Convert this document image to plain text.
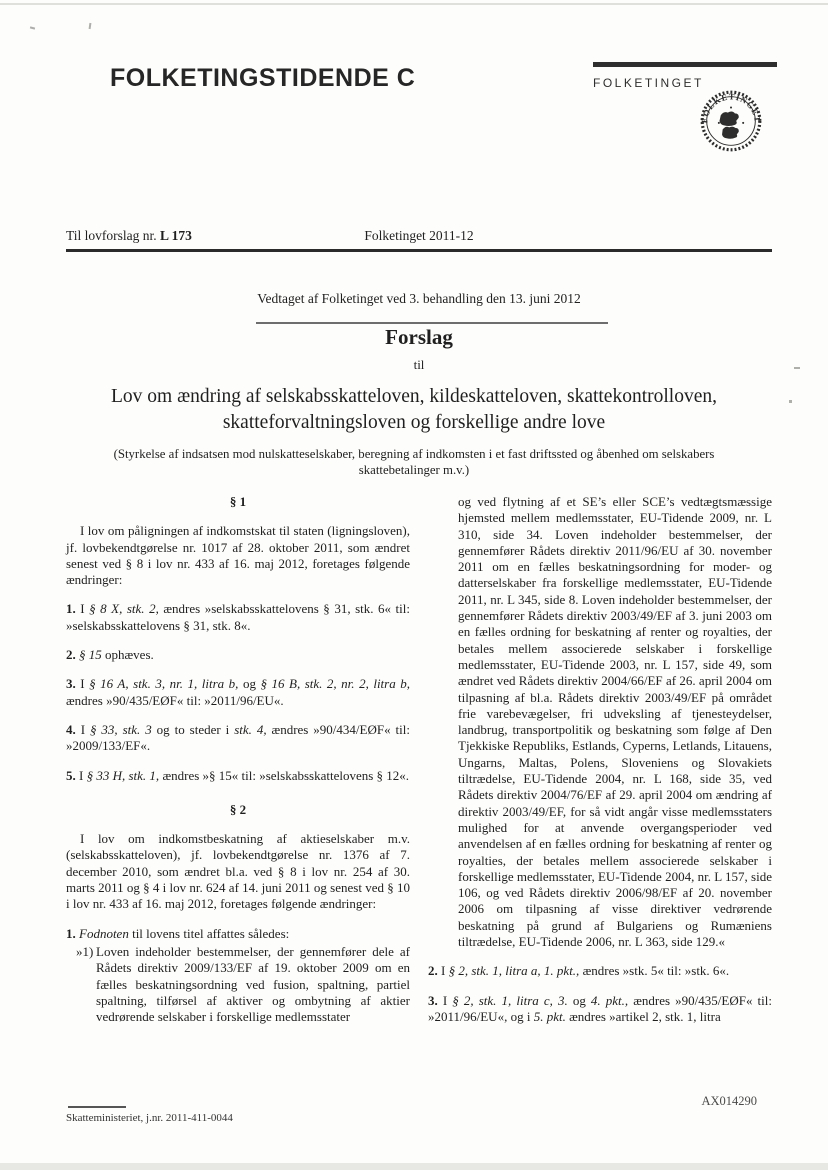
FOLKETINGSTIDENDE C	FOLKETINGET
FOLKETINGET
Til lovforslag nr. L 173	Folketinget 2011-12
Vedtaget af Folketinget ved 3. behandling den 13. juni 2012
Forslag
til
Lov om ændring af selskabsskatteloven, kildeskatteloven, skattekontrolloven, skatteforvaltningsloven og forskellige andre love
(Styrkelse af indsatsen mod nulskatteselskaber, beregning af indkomsten i et fast driftssted og åbenhed om selskabers skattebetalinger m.v.)
§ 1

I lov om påligningen af indkomstskat til staten (ligningsloven), jf. lovbekendtgørelse nr. 1017 af 28. oktober 2011, som ændret senest ved § 8 i lov nr. 433 af 16. maj 2012, foretages følgende ændringer:

1. I § 8 X, stk. 2, ændres »selskabsskattelovens § 31, stk. 6« til: »selskabsskattelovens § 31, stk. 8«.

2. § 15 ophæves.

3. I § 16 A, stk. 3, nr. 1, litra b, og § 16 B, stk. 2, nr. 2, litra b, ændres »90/435/EØF« til: »2011/96/EU«.

4. I § 33, stk. 3 og to steder i stk. 4, ændres »90/434/EØF« til: »2009/133/EF«.

5. I § 33 H, stk. 1, ændres »§ 15« til: »selskabsskattelovens § 12«.

§ 2

I lov om indkomstbeskatning af aktieselskaber m.v. (selskabsskatteloven), jf. lovbekendtgørelse nr. 1376 af 7. december 2010, som ændret bl.a. ved § 8 i lov nr. 254 af 30. marts 2011 og § 4 i lov nr. 624 af 14. juni 2011 og senest ved § 10 i lov nr. 433 af 16. maj 2012, foretages følgende ændringer:

1. Fodnoten til lovens titel affattes således:

»1) Loven indeholder bestemmelser, der gennemfører dele af Rådets direktiv 2009/133/EF af 19. oktober 2009 om en fælles beskatningsordning ved fusion, spaltning, partiel spaltning, tilførsel af aktiver og ombytning af aktier vedrørende selskaber i forskellige medlemsstater

og ved flytning af et SE’s eller SCE’s vedtægtsmæssige hjemsted mellem medlemsstater, EU-Tidende 2009, nr. L 310, side 34. Loven indeholder bestemmelser, der gennemfører Rådets direktiv 2011/96/EU af 30. november 2011 om en fælles beskatningsordning for moder- og datterselskaber fra forskellige medlemsstater, EU-Tidende 2011, nr. L 345, side 8. Loven indeholder bestemmelser, der gennemfører Rådets direktiv 2003/49/EF af 3. juni 2003 om en fælles ordning for beskatning af renter og royalties, der betales mellem associerede selskaber i forskellige medlemsstater, EU-Tidende 2003, nr. L 157, side 49, som ændret ved Rådets direktiv 2004/66/EF af 26. april 2004 om tilpasning af bl.a. Rådets direktiv 2003/49/EF på området frie varebevægelser, fri udveksling af tjenesteydelser, landbrug, transportpolitik og beskatning som følge af Den Tjekkiske Republiks, Estlands, Cyperns, Letlands, Litauens, Ungarns, Maltas, Polens, Sloveniens og Slovakiets tiltrædelse, EU-Tidende 2004, nr. L 168, side 35, ved Rådets direktiv 2004/76/EF af 29. april 2004 om ændring af direktiv 2003/49/EF, for så vidt angår visse medlemsstaters mulighed for at anvende overgangsperioder ved anvendelsen af en fælles ordning for beskatning af renter og royalties, der betales mellem associerede selskaber i forskellige medlemsstater, EU-Tidende 2004, nr. L 157, side 106, og ved Rådets direktiv 2006/98/EF af 20. november 2006 om tilpasning af visse direktiver vedrørende beskatning på grund af Bulgariens og Rumæniens tiltrædelse, EU-Tidende 2006, nr. L 363, side 129.«

2. I § 2, stk. 1, litra a, 1. pkt., ændres »stk. 5« til: »stk. 6«.

3. I § 2, stk. 1, litra c, 3. og 4. pkt., ændres »90/435/EØF« til: »2011/96/EU«, og i 5. pkt. ændres »artikel 2, stk. 1, litra

AX014290
Skatteministeriet, j.nr. 2011-411-0044
